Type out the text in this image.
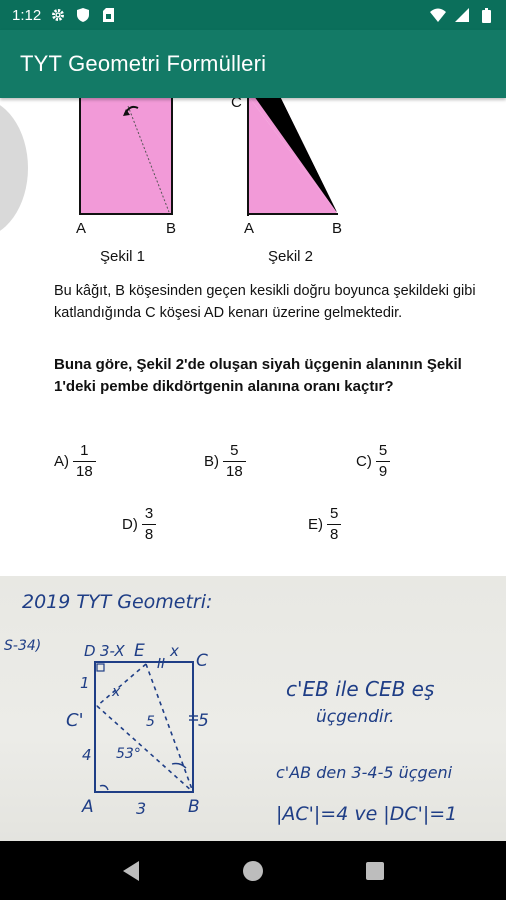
1:12
TYT Geometri Formülleri
A	B
Şekil 1
C
A	B
Şekil 2
Bu kâğıt, B köşesinden geçen kesikli doğru boyunca şekildeki gibi katlandığında C köşesi AD kenarı üzerine gelmektedir.
Buna göre, Şekil 2'de oluşan siyah üçgenin alanının Şekil 1'deki pembe dikdörtgenin alanına oranı kaçtır?
$A) \frac{1}{18}$	$B) \frac{5}{18}$	$C) \frac{5}{9}$
$D) \frac{3}{8}$	$E) \frac{5}{8}$
2019 TYT Geometri:
S-34)	D 3-X E x C
1
C'
4
5
A	B
3
x
5
53°
c'EB ile CEB eş
üçgendir.
c'AB den 3-4-5 üçgeni
|AC'|=4 ve |DC'|=1
